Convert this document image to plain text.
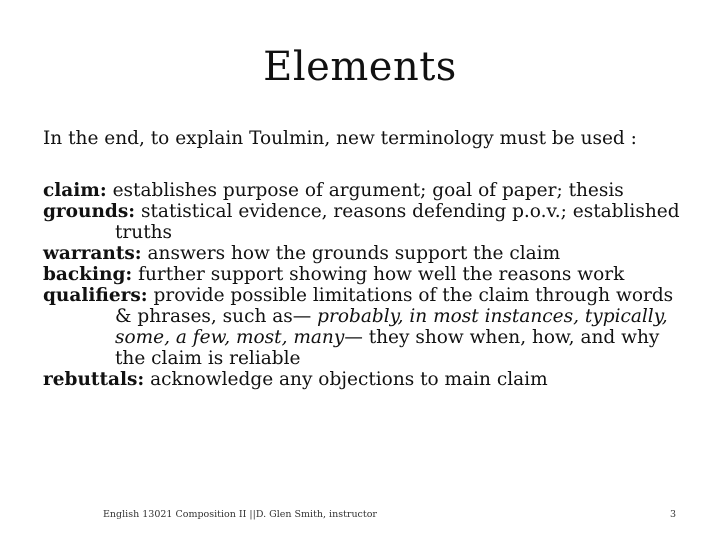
Elements
In the end, to explain Toulmin, new terminology must be used :
claim: establishes purpose of argument; goal of paper; thesis
grounds: statistical evidence, reasons defending p.o.v.; established truths
warrants: answers how the grounds support the claim
backing: further support showing how well the reasons work
qualifiers: provide possible limitations of the claim through words & phrases, such as— probably, in most instances, typically, some, a few, most, many— they show when, how, and why the claim is reliable
rebuttals: acknowledge any objections to main claim
English 13021 Composition II ||D. Glen Smith, instructor	3
